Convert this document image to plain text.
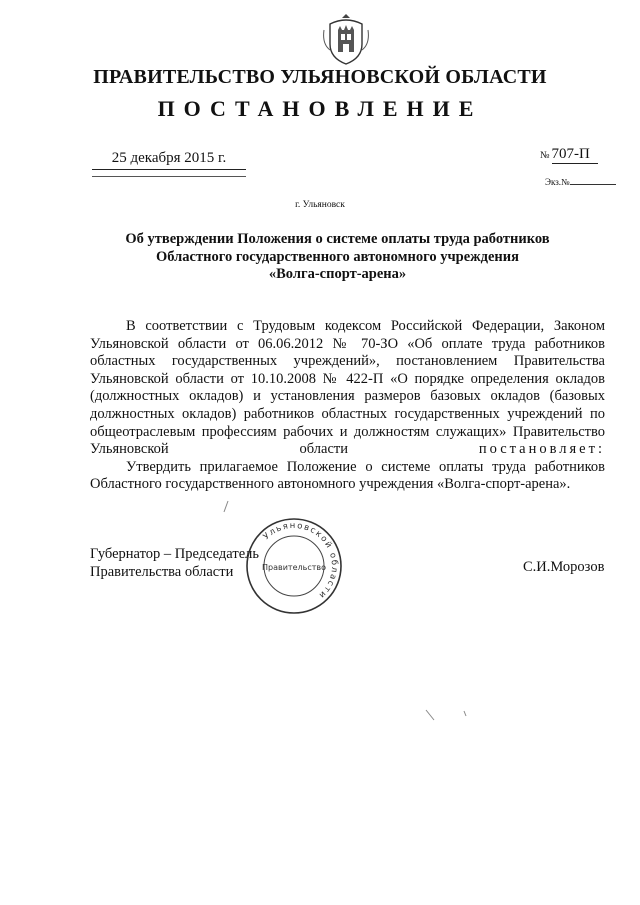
ПРАВИТЕЛЬСТВО УЛЬЯНОВСКОЙ ОБЛАСТИ
ПОСТАНОВЛЕНИЕ
25 декабря 2015 г.	№ 707-П
Экз.№
г. Ульяновск
Об утверждении Положения о системе оплаты труда работников
Областного государственного автономного учреждения
«Волга-спорт-арена»

В соответствии с Трудовым кодексом Российской Федерации, Законом Ульяновской области от 06.06.2012 № 70-ЗО «Об оплате труда работников областных государственных учреждений», постановлением Правительства Ульяновской области от 10.10.2008 № 422-П «О порядке определения окладов (должностных окладов) и установления размеров базовых окладов (базовых должностных окладов) работников областных государственных учреждений по общеотраслевым профессиям рабочих и должностям служащих» Правительство Ульяновской области	постановляет:

Утвердить прилагаемое Положение о системе оплаты труда работников Областного государственного автономного учреждения «Волга-спорт-арена».

Губернатор – Председатель
Правительства области	С.И.Морозов
Ульяновской области
Правительство
